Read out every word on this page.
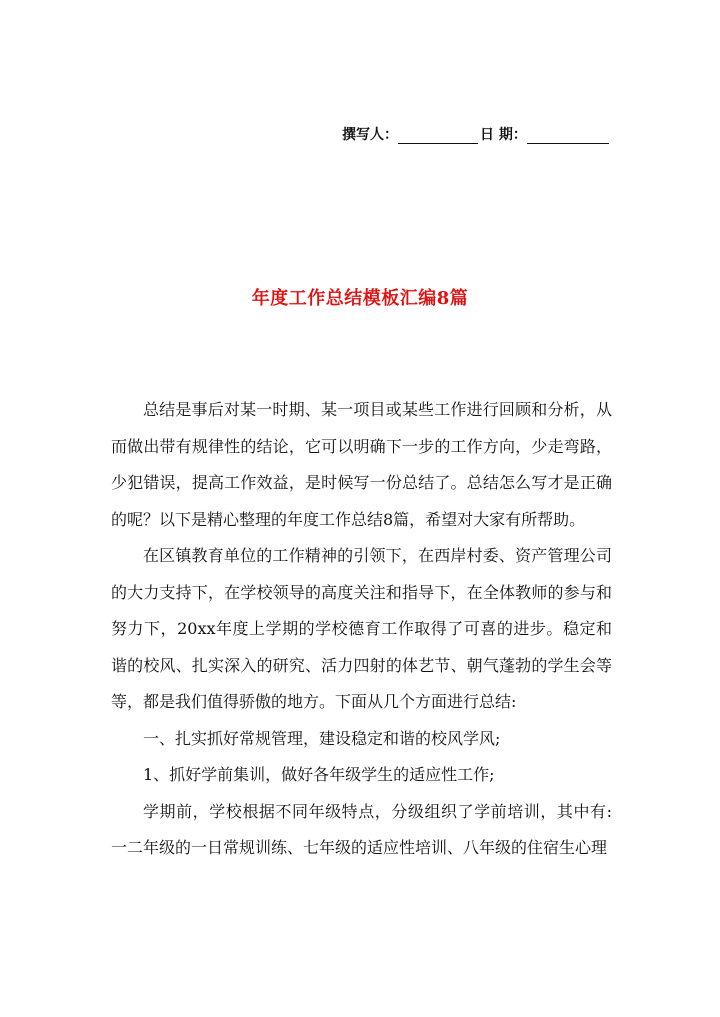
撰写人：	日 期：
年度工作总结模板汇编8篇

总结是事后对某一时期、某一项目或某些工作进行回顾和分析，从而做出带有规律性的结论，它可以明确下一步的工作方向，少走弯路，少犯错误，提高工作效益，是时候写一份总结了。总结怎么写才是正确的呢？以下是精心整理的年度工作总结8篇，希望对大家有所帮助。

在区镇教育单位的工作精神的引领下，在西岸村委、资产管理公司的大力支持下，在学校领导的高度关注和指导下，在全体教师的参与和努力下，20xx年度上学期的学校德育工作取得了可喜的进步。稳定和谐的校风、扎实深入的研究、活力四射的体艺节、朝气蓬勃的学生会等等，都是我们值得骄傲的地方。下面从几个方面进行总结:

一、扎实抓好常规管理，建设稳定和谐的校风学风;

1、抓好学前集训，做好各年级学生的适应性工作;

学期前，学校根据不同年级特点，分级组织了学前培训，其中有:一二年级的一日常规训练、七年级的适应性培训、八年级的住宿生心理
